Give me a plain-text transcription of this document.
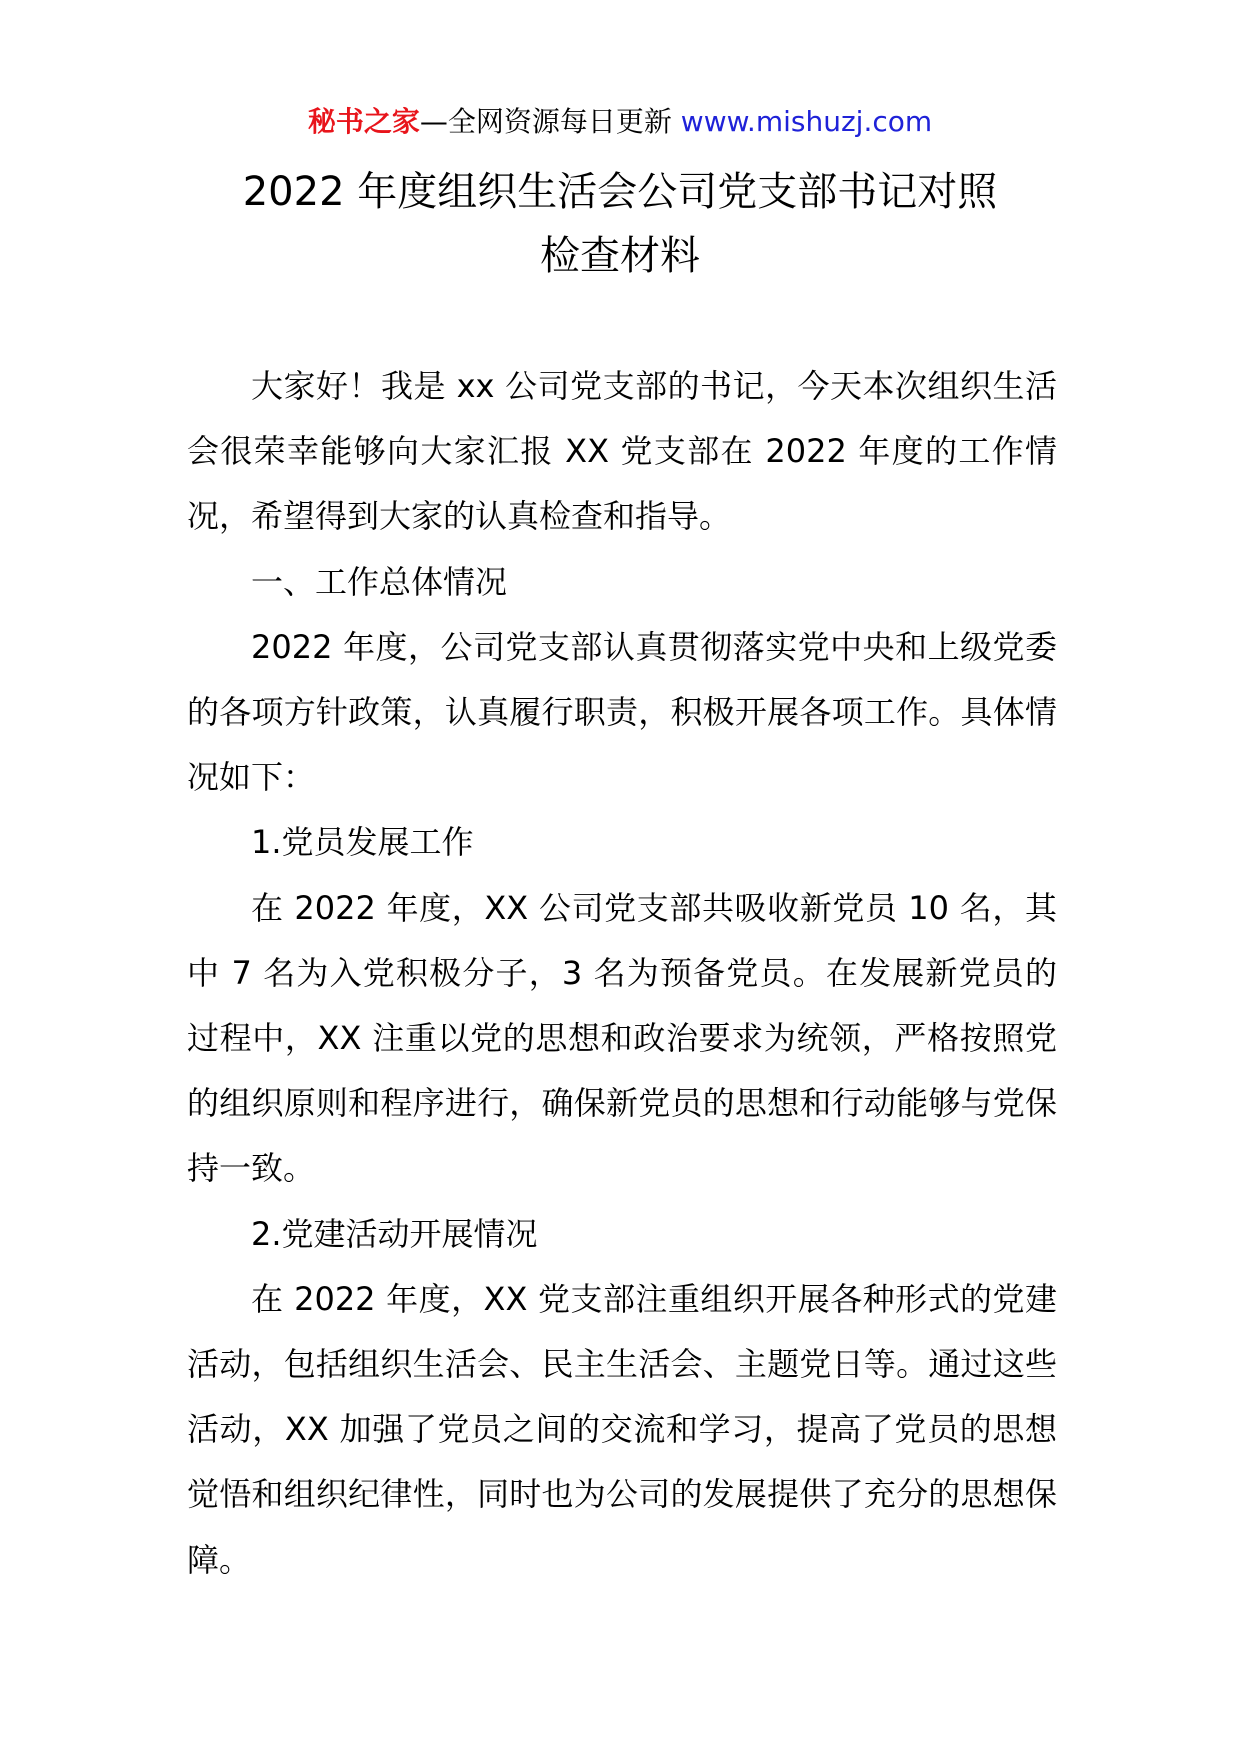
秘书之家—全网资源每日更新 www.mishuzj.com
2022 年度组织生活会公司党支部书记对照
检查材料

大家好！我是 xx 公司党支部的书记，今天本次组织生活会很荣幸能够向大家汇报 XX 党支部在 2022 年度的工作情况，希望得到大家的认真检查和指导。

一、工作总体情况

2022 年度，公司党支部认真贯彻落实党中央和上级党委的各项方针政策，认真履行职责，积极开展各项工作。具体情况如下：

1.党员发展工作

在 2022 年度，XX 公司党支部共吸收新党员 10 名，其中 7 名为入党积极分子，3 名为预备党员。在发展新党员的过程中，XX 注重以党的思想和政治要求为统领，严格按照党的组织原则和程序进行，确保新党员的思想和行动能够与党保持一致。

2.党建活动开展情况

在 2022 年度，XX 党支部注重组织开展各种形式的党建活动，包括组织生活会、民主生活会、主题党日等。通过这些活动，XX 加强了党员之间的交流和学习，提高了党员的思想觉悟和组织纪律性，同时也为公司的发展提供了充分的思想保障。
